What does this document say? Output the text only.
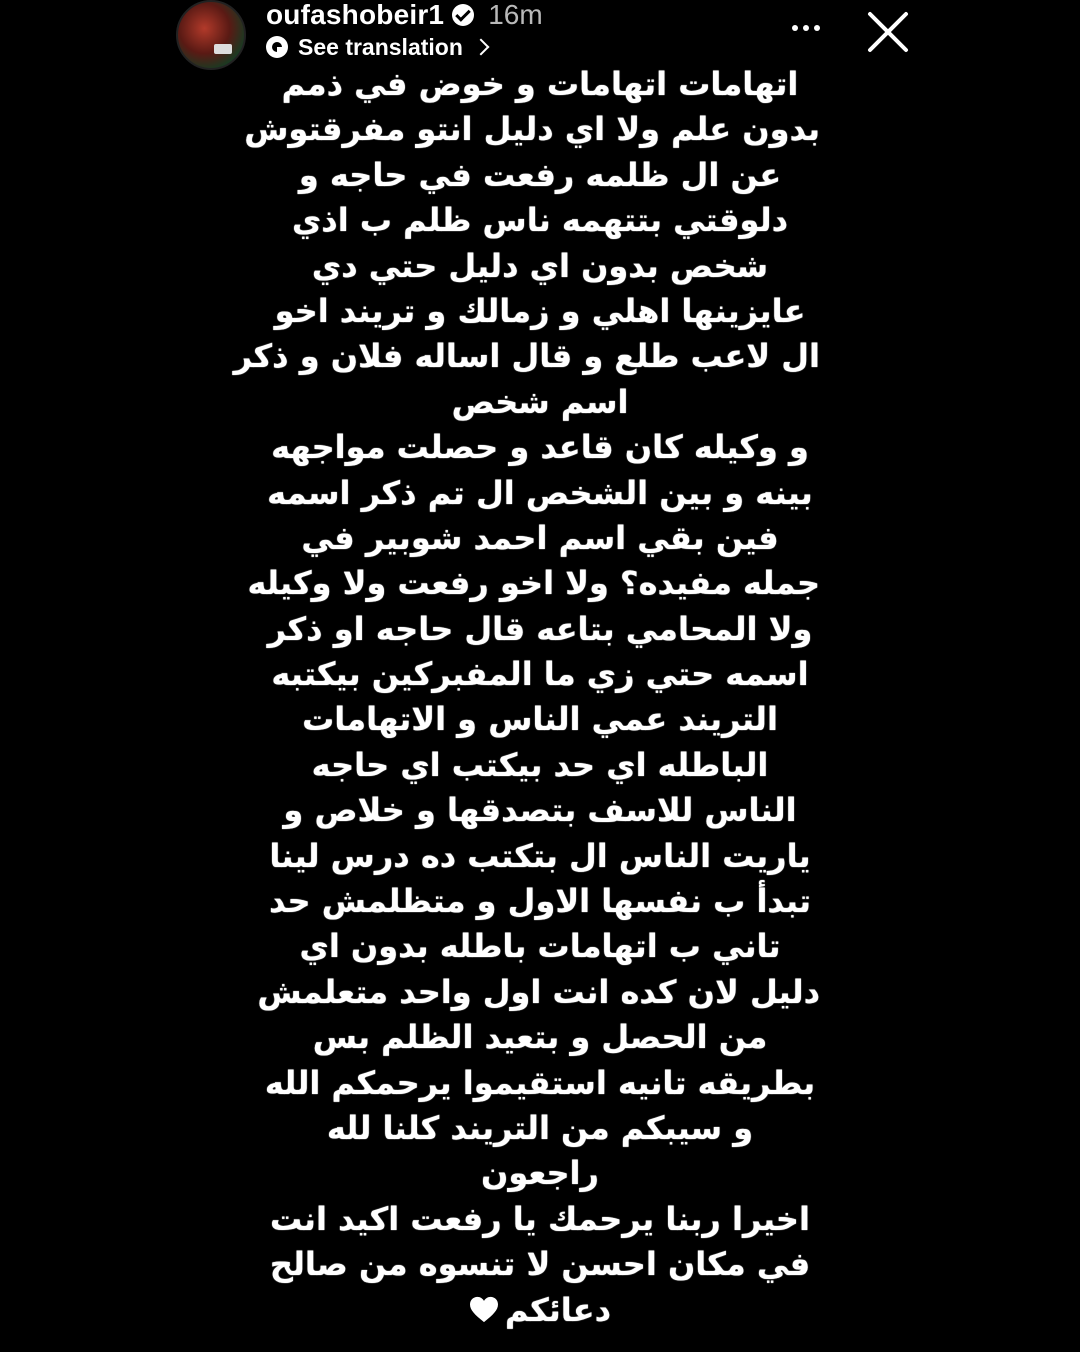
oufashobeir1 16m
See translation
اتهامات اتهامات و خوض في ذمم
بدون علم ولا اي دليل انتو مفرقتوش
عن ال ظلمه رفعت في حاجه و
دلوقتي بتتهمه ناس ظلم ب اذي
شخص بدون اي دليل حتي دي
عايزينها اهلي و زمالك و تريند اخو
ال لاعب طلع و قال اساله فلان و ذكر
اسم شخص
و وكيله كان قاعد و حصلت مواجهه
بينه و بين الشخص ال تم ذكر اسمه
فين بقي اسم احمد شوبير في
جمله مفيده؟ ولا اخو رفعت ولا وكيله
ولا المحامي بتاعه قال حاجه او ذكر
اسمه حتي زي ما المفبركين بيكتبه
التريند عمي الناس و الاتهامات
الباطله اي حد بيكتب اي حاجه
الناس للاسف بتصدقها و خلاص و
ياريت الناس ال بتكتب ده درس لينا
تبدأ ب نفسها الاول و متظلمش حد
تاني ب اتهامات باطله بدون اي
دليل لان كده انت اول واحد متعلمش
من الحصل و بتعيد الظلم بس
بطريقه تانيه استقيموا يرحمكم الله
و سيبكم من التريند كلنا لله
راجعون
اخيرا ربنا يرحمك يا رفعت اكيد انت
في مكان احسن لا تنسوه من صالح
دعائكم
